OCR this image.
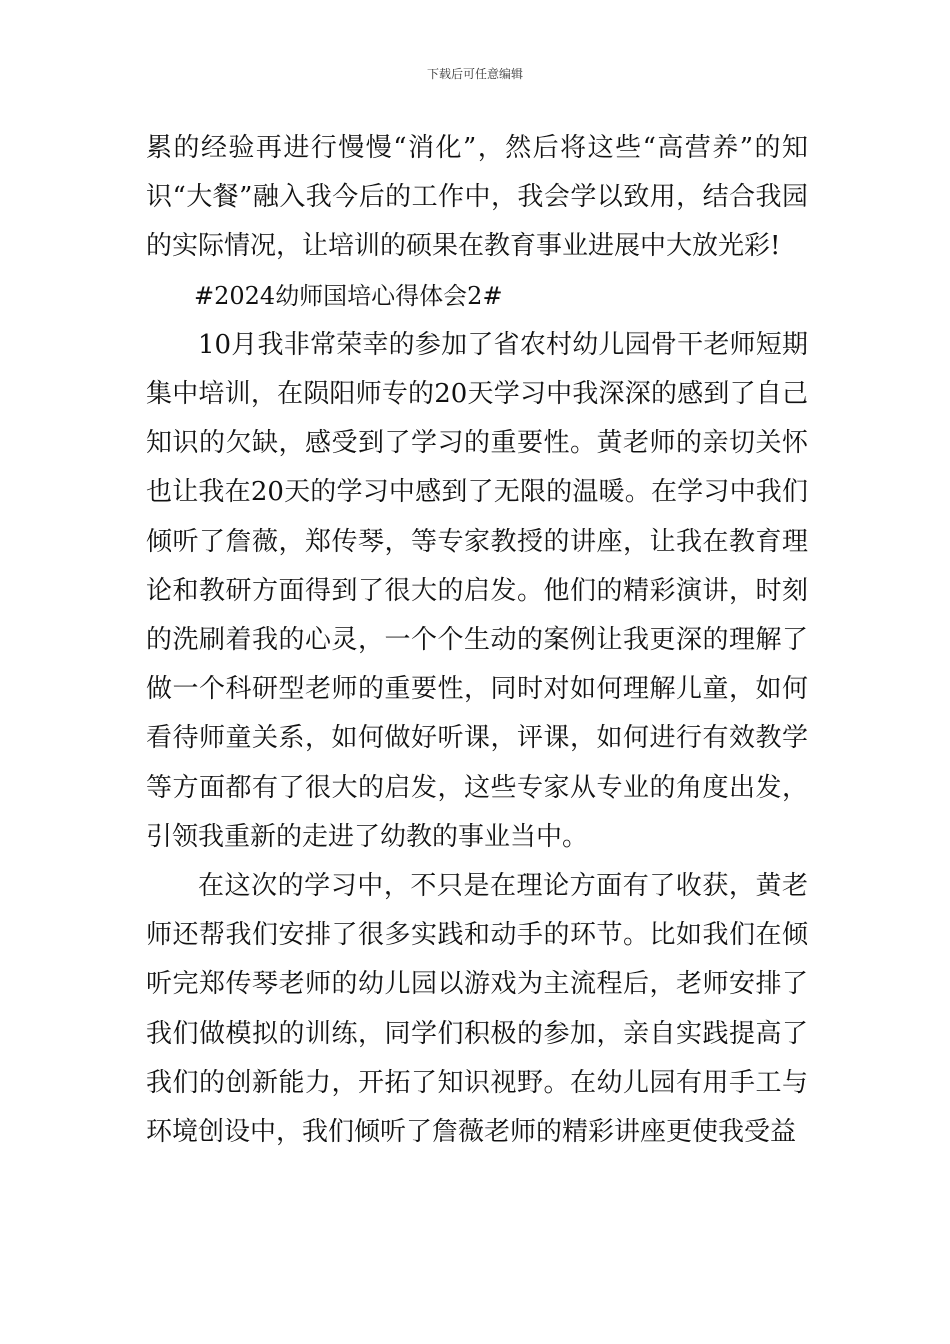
下载后可任意编辑

累的经验再进行慢慢“消化”，然后将这些“高营养”的知识“大餐”融入我今后的工作中，我会学以致用，结合我园的实际情况，让培训的硕果在教育事业进展中大放光彩!

#2024幼师国培心得体会2#

10月我非常荣幸的参加了省农村幼儿园骨干老师短期集中培训，在陨阳师专的20天学习中我深深的感到了自己知识的欠缺，感受到了学习的重要性。黄老师的亲切关怀也让我在20天的学习中感到了无限的温暖。在学习中我们倾听了詹薇，郑传琴，等专家教授的讲座，让我在教育理论和教研方面得到了很大的启发。他们的精彩演讲，时刻的洗刷着我的心灵，一个个生动的案例让我更深的理解了做一个科研型老师的重要性，同时对如何理解儿童，如何看待师童关系，如何做好听课，评课，如何进行有效教学等方面都有了很大的启发，这些专家从专业的角度出发，引领我重新的走进了幼教的事业当中。

在这次的学习中，不只是在理论方面有了收获，黄老师还帮我们安排了很多实践和动手的环节。比如我们在倾听完郑传琴老师的幼儿园以游戏为主流程后，老师安排了我们做模拟的训练，同学们积极的参加，亲自实践提高了我们的创新能力，开拓了知识视野。在幼儿园有用手工与环境创设中，我们倾听了詹薇老师的精彩讲座更使我受益
